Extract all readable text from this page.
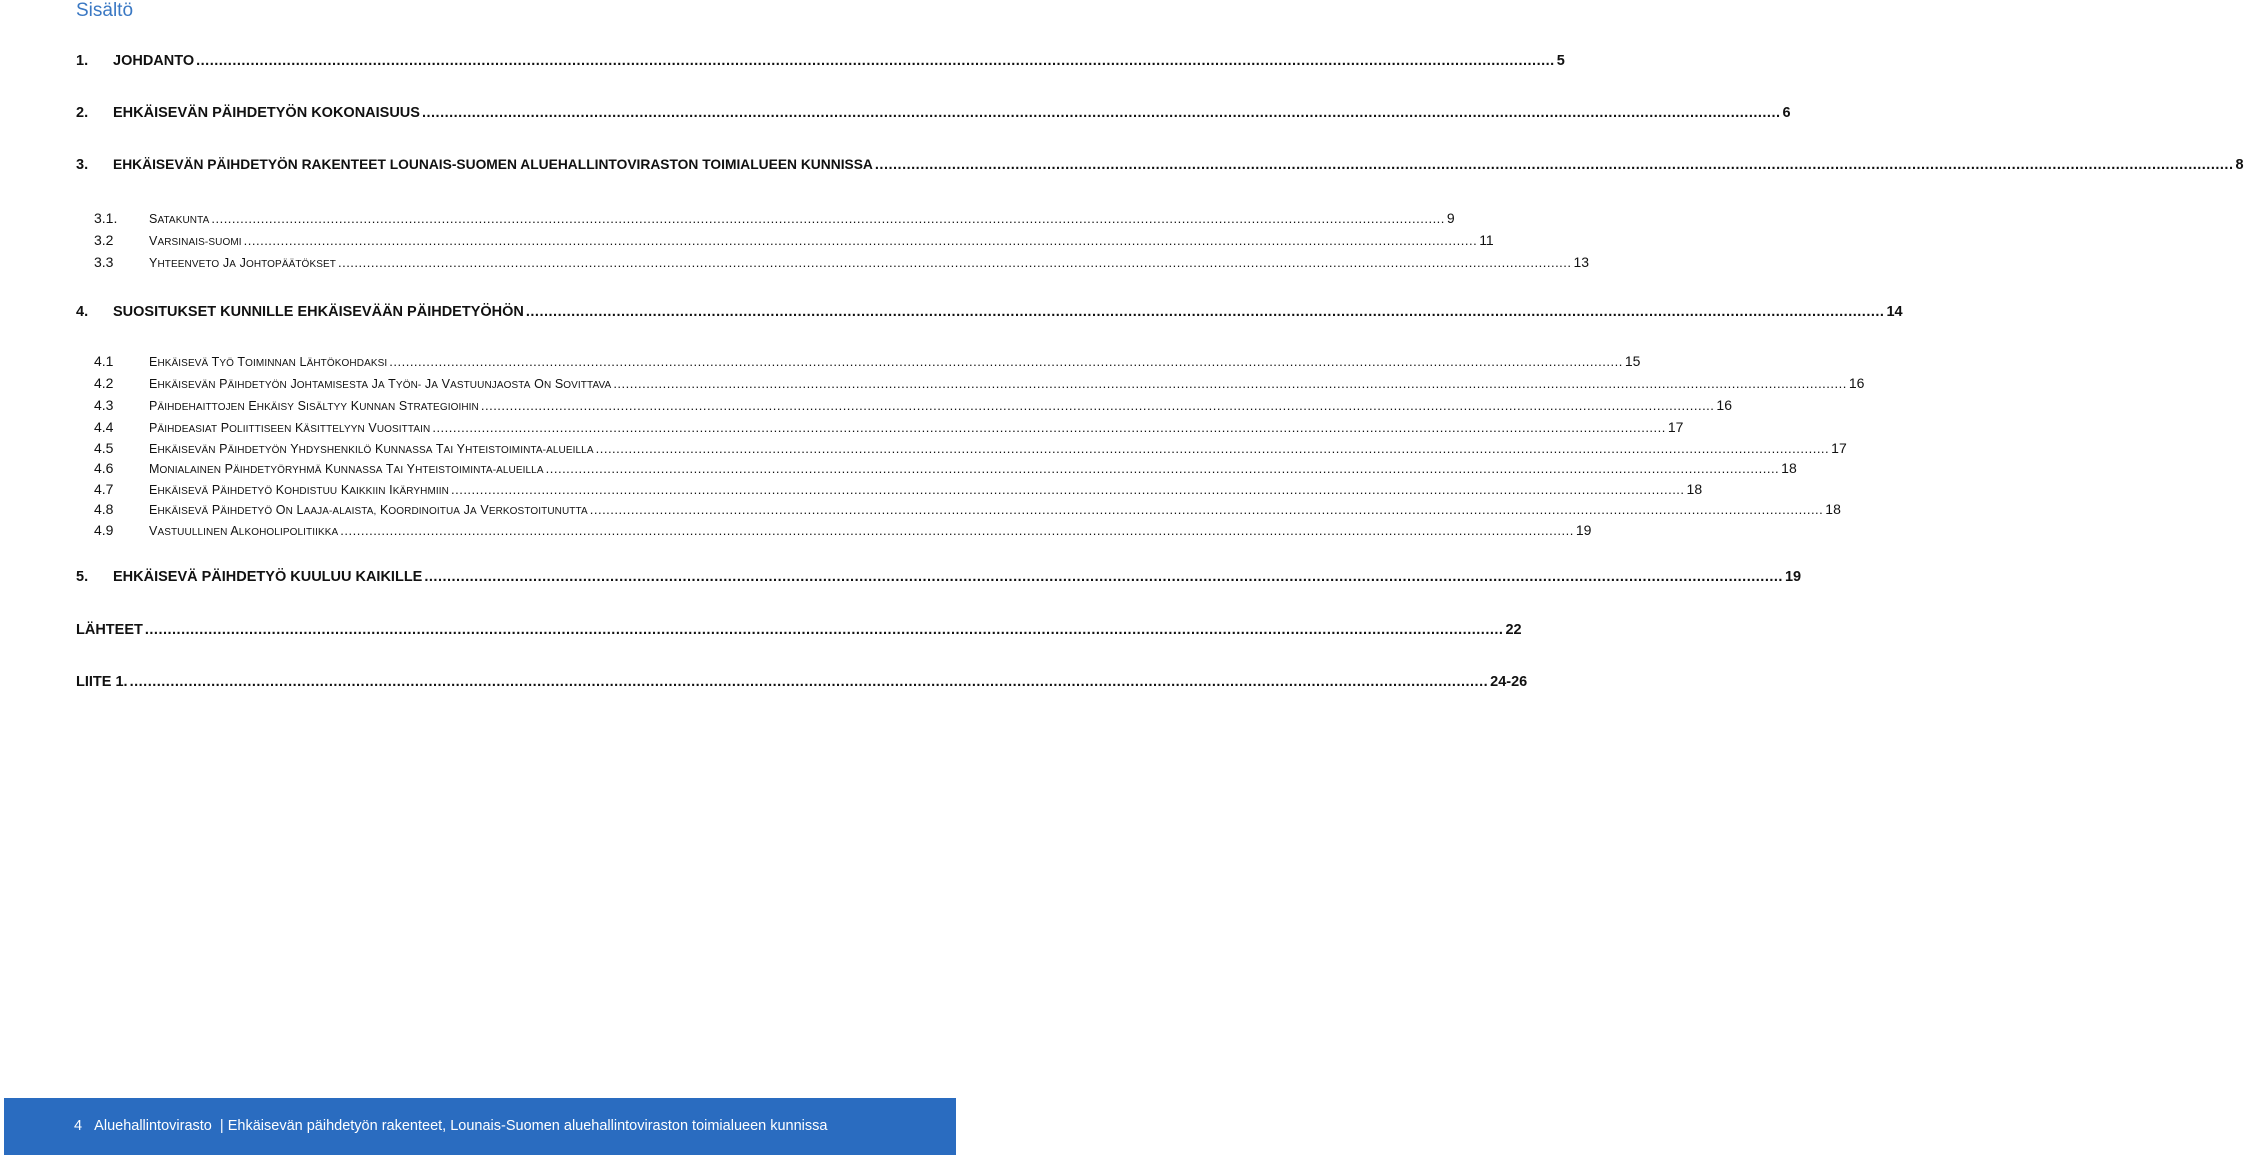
Sisältö
1.	JOHDANTO ............................................................................................................................................................................................................................................................................................................ 5
2.	EHKÄISEVÄN PÄIHDETYÖN KOKONAISUUS ............................................................................................................................................................................................................................................................................................................ 6
3.	EHKÄISEVÄN PÄIHDETYÖN RAKENTEET LOUNAIS-SUOMEN ALUEHALLINTOVIRASTON TOIMIALUEEN KUNNISSA ............................................................................................................................................................................................................................................................................................................ 8
3.1.	SATAKUNTA ............................................................................................................................................................................................................................................................................................................ 9
3.2	VARSINAIS-SUOMI ............................................................................................................................................................................................................................................................................................................ 11
3.3	YHTEENVETO JA JOHTOPÄÄTÖKSET ............................................................................................................................................................................................................................................................................................................ 13
4.	SUOSITUKSET KUNNILLE EHKÄISEVÄÄN PÄIHDETYÖHÖN ............................................................................................................................................................................................................................................................................................................ 14
4.1	EHKÄISEVÄ TYÖ TOIMINNAN LÄHTÖKOHDAKSI ............................................................................................................................................................................................................................................................................................................ 15
4.2	EHKÄISEVÄN PÄIHDETYÖN JOHTAMISESTA JA TYÖN- JA VASTUUNJAOSTA ON SOVITTAVA ............................................................................................................................................................................................................................................................................................................ 16
4.3	PÄIHDEHAITTOJEN EHKÄISY SISÄLTYY KUNNAN STRATEGIOIHIN ............................................................................................................................................................................................................................................................................................................ 16
4.4	PÄIHDEASIAT POLIITTISEEN KÄSITTELYYN VUOSITTAIN ............................................................................................................................................................................................................................................................................................................ 17
4.5	EHKÄISEVÄN PÄIHDETYÖN YHDYSHENKILÖ KUNNASSA TAI YHTEISTOIMINTA-ALUEILLA ............................................................................................................................................................................................................................................................................................................ 17
4.6	MONIALAINEN PÄIHDETYÖRYHMÄ KUNNASSA TAI YHTEISTOIMINTA-ALUEILLA ............................................................................................................................................................................................................................................................................................................ 18
4.7	EHKÄISEVÄ PÄIHDETYÖ KOHDISTUU KAIKKIIN IKÄRYHMIIN ............................................................................................................................................................................................................................................................................................................ 18
4.8	EHKÄISEVÄ PÄIHDETYÖ ON LAAJA-ALAISTA, KOORDINOITUA JA VERKOSTOITUNUTTA ............................................................................................................................................................................................................................................................................................................ 18
4.9	VASTUULLINEN ALKOHOLIPOLITIIKKA ............................................................................................................................................................................................................................................................................................................ 19
5.	EHKÄISEVÄ PÄIHDETYÖ KUULUU KAIKILLE ............................................................................................................................................................................................................................................................................................................ 19
LÄHTEET ............................................................................................................................................................................................................................................................................................................ 22
LIITE 1. ............................................................................................................................................................................................................................................................................................................ 24-26
4 Aluehallintovirasto | Ehkäisevän päihdetyön rakenteet, Lounais-Suomen aluehallintoviraston toimialueen kunnissa
